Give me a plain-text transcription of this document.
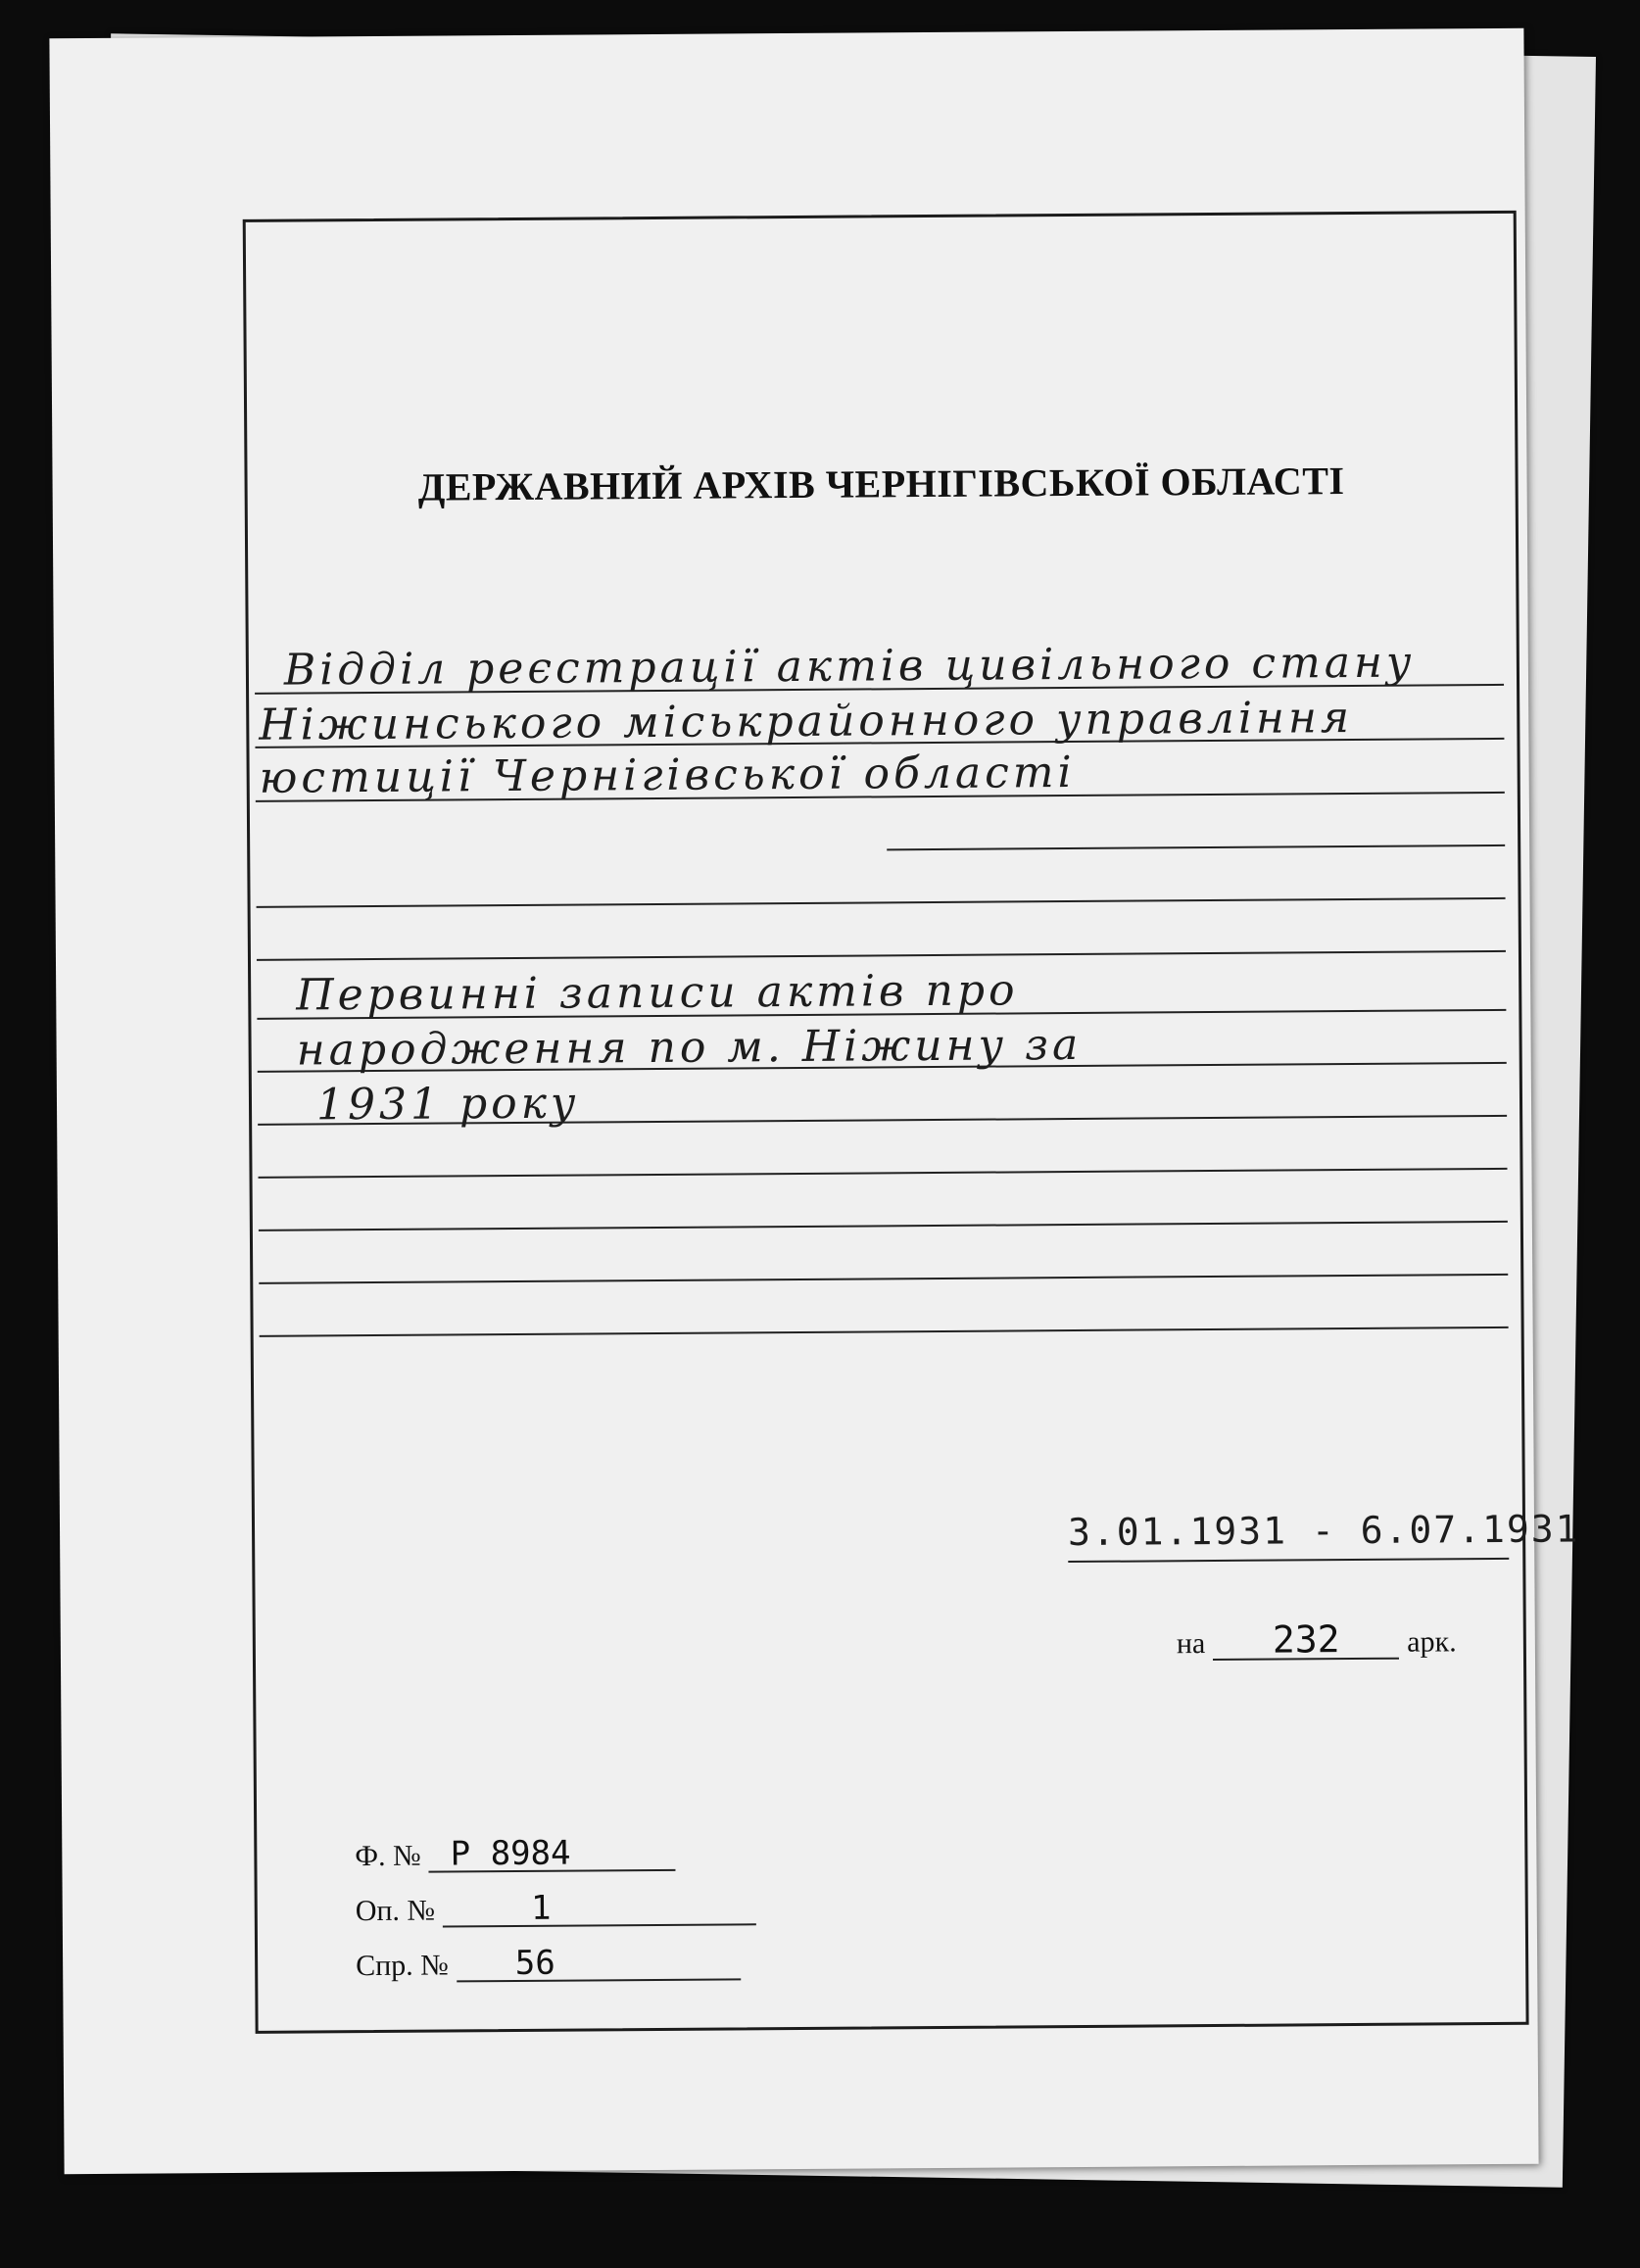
ДЕРЖАВНИЙ АРХІВ ЧЕРНІГІВСЬКОЇ ОБЛАСТІ
Відділ реєстрації актів цивільного стану
Ніжинського міськрайонного управління
юстиції Чернігівської області
Первинні записи актів про
народження по м. Ніжину за
1931 року
3.01.1931 - 6.07.1931
на 232 арк.
Ф. № Р 8984
Оп. №	1
Спр. № 56
